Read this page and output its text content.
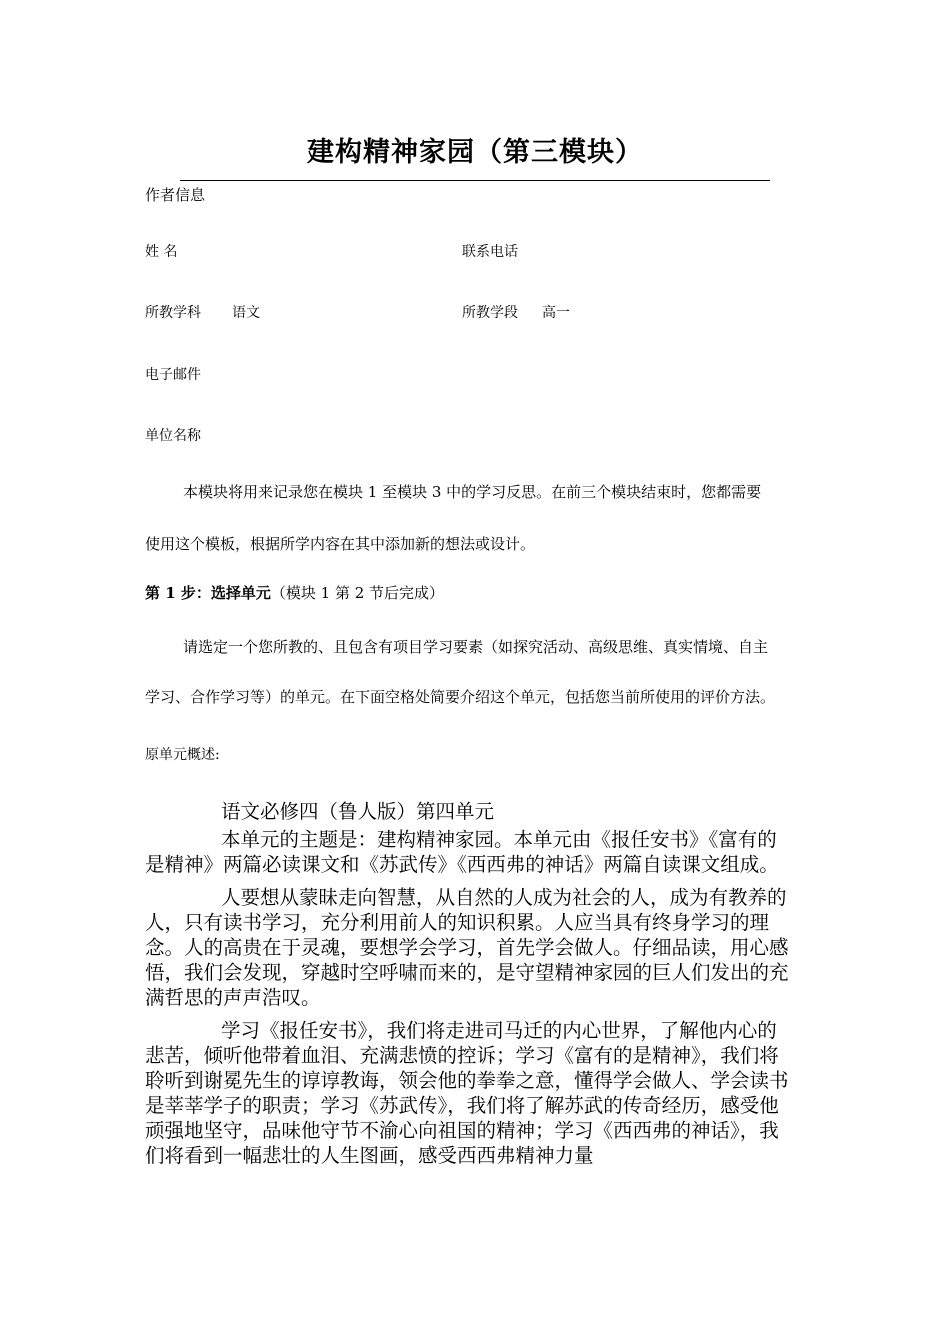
建构精神家园（第三模块）
作者信息
姓 名	联系电话
所教学科 语文	所教学段 高一
电子邮件
单位名称
本模块将用来记录您在模块 1 至模块 3 中的学习反思。在前三个模块结束时，您都需要
使用这个模板，根据所学内容在其中添加新的想法或设计。
第 1 步：选择单元（模块 1 第 2 节后完成）
请选定一个您所教的、且包含有项目学习要素（如探究活动、高级思维、真实情境、自主
学习、合作学习等）的单元。在下面空格处简要介绍这个单元，包括您当前所使用的评价方法。
原单元概述:

语文必修四（鲁人版）第四单元

本单元的主题是：建构精神家园。本单元由《报任安书》《富有的是精神》两篇必读课文和《苏武传》《西西弗的神话》两篇自读课文组成。

人要想从蒙昧走向智慧，从自然的人成为社会的人，成为有教养的人，只有读书学习，充分利用前人的知识积累。人应当具有终身学习的理念。人的高贵在于灵魂，要想学会学习，首先学会做人。仔细品读，用心感悟，我们会发现，穿越时空呼啸而来的，是守望精神家园的巨人们发出的充满哲思的声声浩叹。

学习《报任安书》，我们将走进司马迁的内心世界，了解他内心的悲苦，倾听他带着血泪、充满悲愤的控诉；学习《富有的是精神》，我们将聆听到谢冕先生的谆谆教诲，领会他的拳拳之意，懂得学会做人、学会读书是莘莘学子的职责；学习《苏武传》，我们将了解苏武的传奇经历，感受他顽强地坚守，品味他守节不渝心向祖国的精神；学习《西西弗的神话》，我们将看到一幅悲壮的人生图画，感受西西弗精神力量
